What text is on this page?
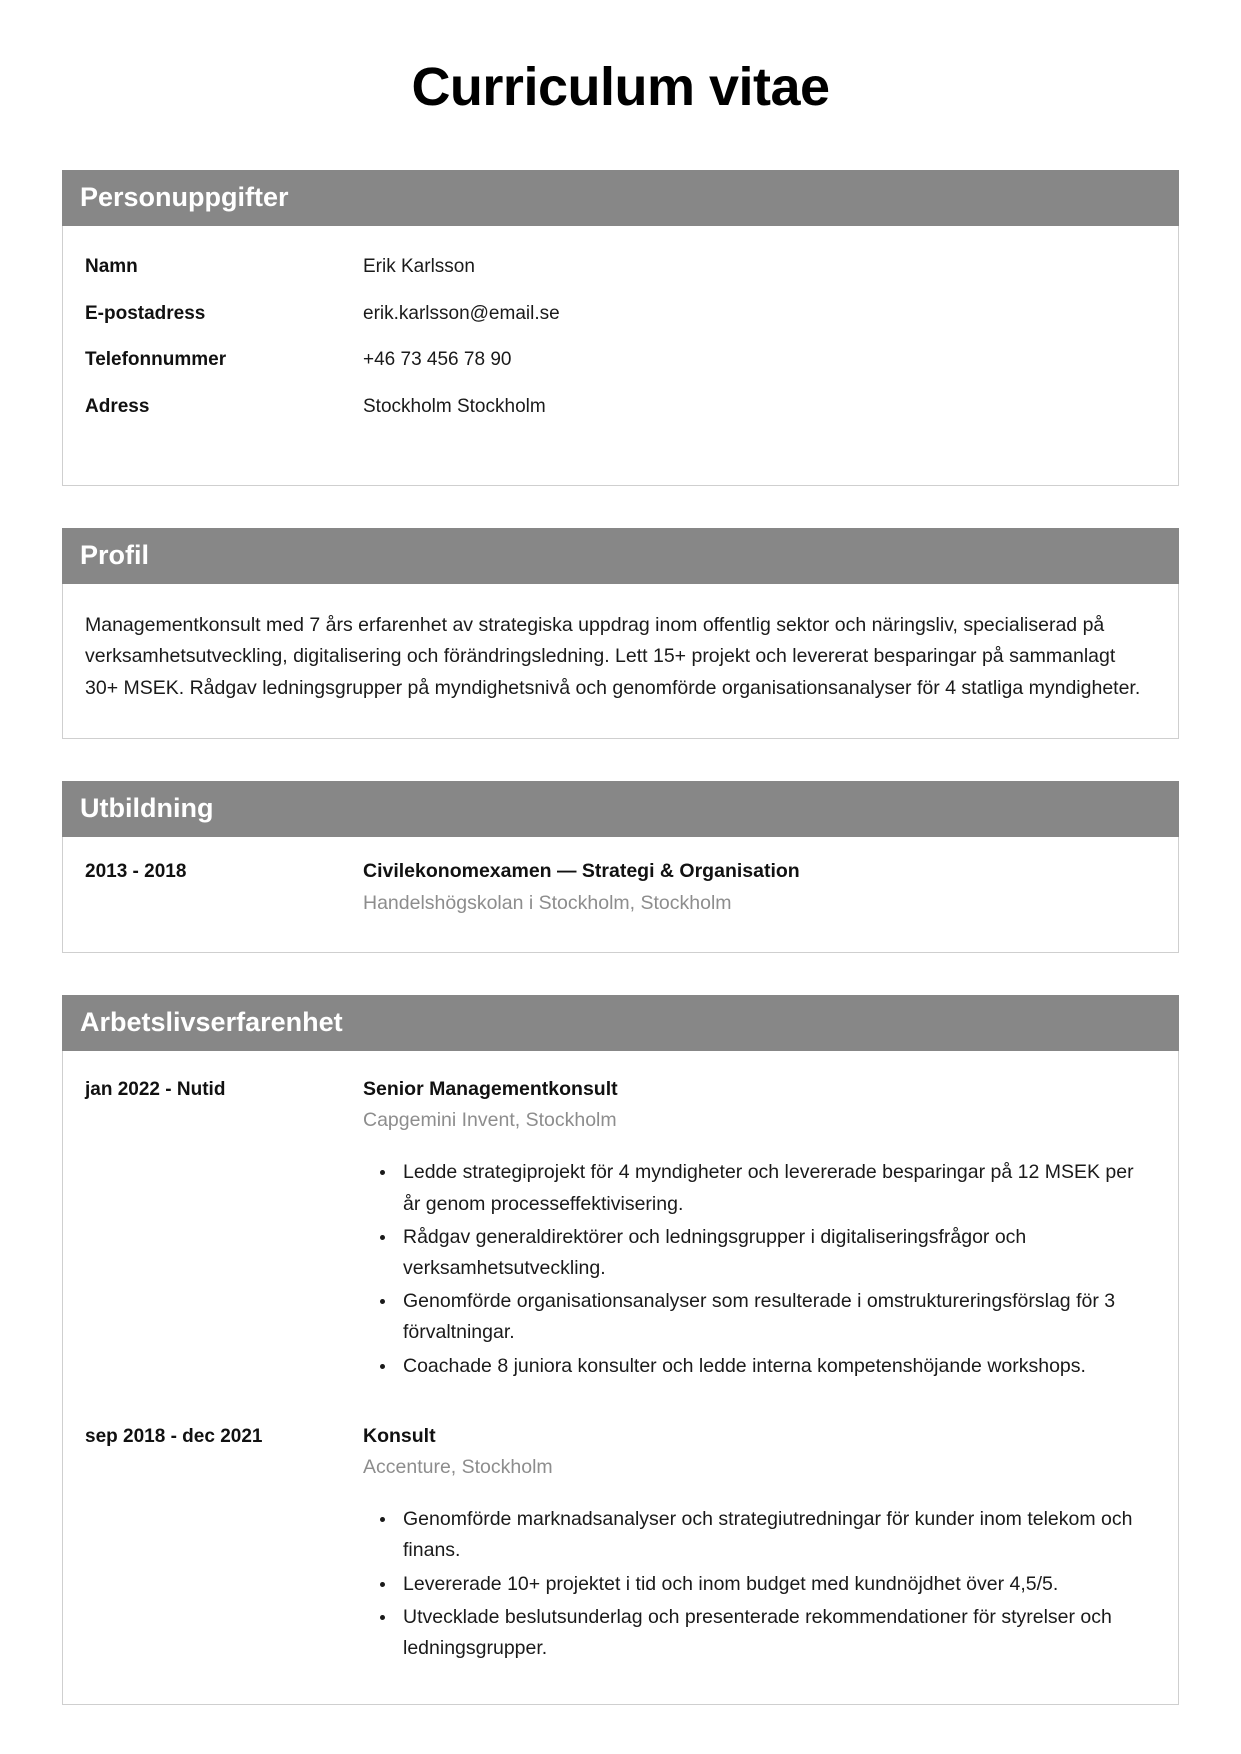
Curriculum vitae
Personuppgifter
Namn	Erik Karlsson
E-postadress	erik.karlsson@email.se
Telefonnummer	+46 73 456 78 90
Adress	Stockholm Stockholm
Profil
Managementkonsult med 7 års erfarenhet av strategiska uppdrag inom offentlig sektor och näringsliv, specialiserad på verksamhetsutveckling, digitalisering och förändringsledning. Lett 15+ projekt och levererat besparingar på sammanlagt 30+ MSEK. Rådgav ledningsgrupper på myndighetsnivå och genomförde organisationsanalyser för 4 statliga myndigheter.
Utbildning
2013 - 2018	Civilekonomexamen — Strategi & Organisation
Handelshögskolan i Stockholm, Stockholm
Arbetslivserfarenhet
jan 2022 - Nutid	Senior Managementkonsult
Capgemini Invent, Stockholm
• Ledde strategiprojekt för 4 myndigheter och levererade besparingar på 12 MSEK per år genom processeffektivisering.
• Rådgav generaldirektörer och ledningsgrupper i digitaliseringsfrågor och verksamhetsutveckling.
• Genomförde organisationsanalyser som resulterade i omstruktureringsförslag för 3 förvaltningar.
• Coachade 8 juniora konsulter och ledde interna kompetenshöjande workshops.
sep 2018 - dec 2021	Konsult
Accenture, Stockholm
• Genomförde marknadsanalyser och strategiutredningar för kunder inom telekom och finans.
• Levererade 10+ projektet i tid och inom budget med kundnöjdhet över 4,5/5.
• Utvecklade beslutsunderlag och presenterade rekommendationer för styrelser och ledningsgrupper.
